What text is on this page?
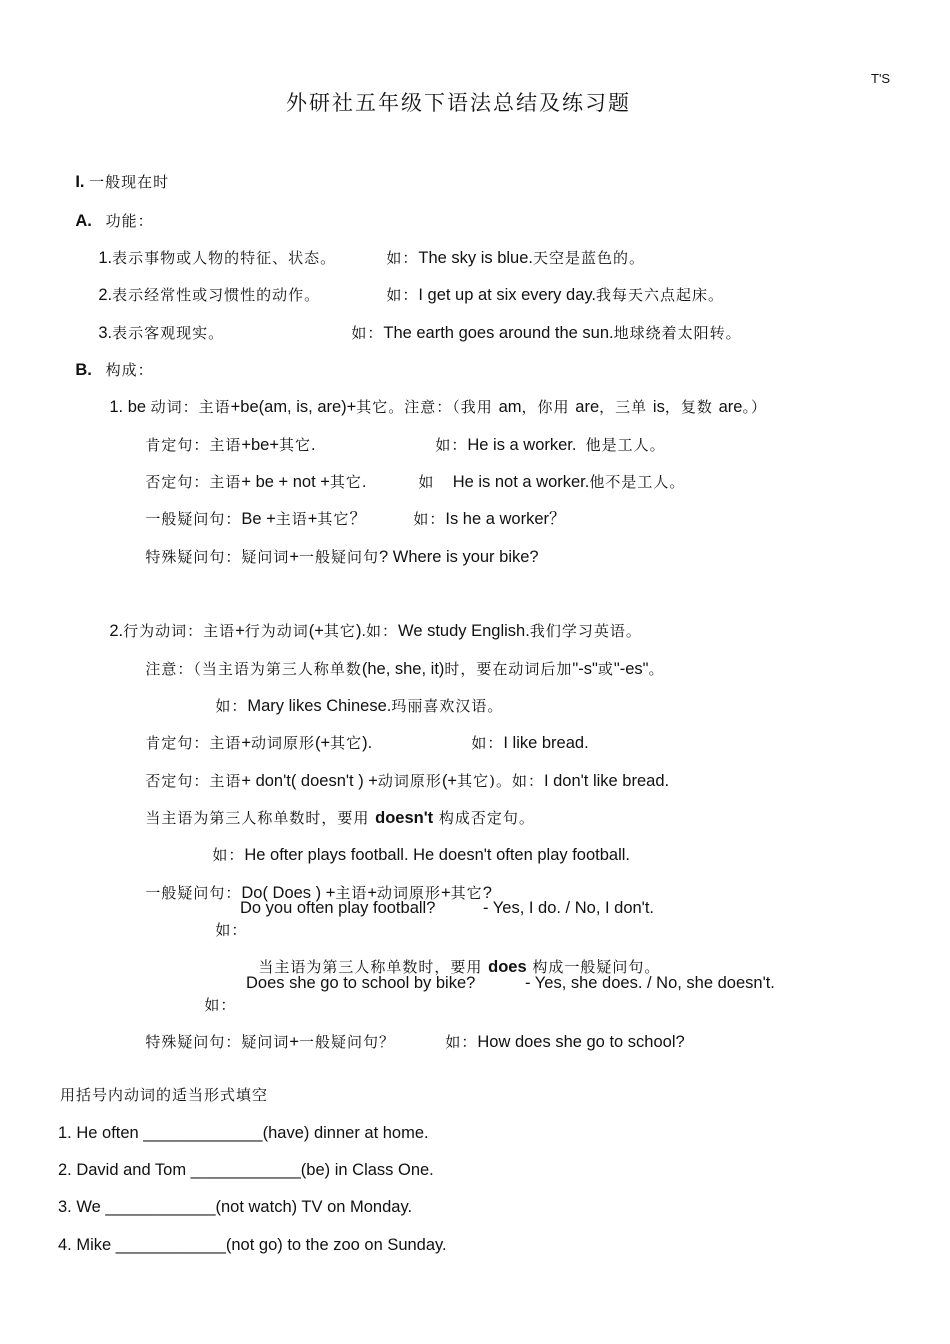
T'S
外研社五年级下语法总结及练习题

I. 一般现在时

A. 功能：

1.表示事物或人物的特征、状态。
	如：The sky is blue.天空是蓝色的。

2.表示经常性或习惯性的动作。
	如：I get up at six every day.我每天六点起床。

3.表示客观现实。
	如：The earth goes around the sun.地球绕着太阳转。

B. 构成：

1. be 动词：主语+be(am, is, are)+其它。注意：（我用 am，你用 are，三单 is，复数 are。）

肯定句：主语+be+其它.
	如：He is a worker. 他是工人。

否定句：主语+ be + not +其它.
	如 He is not a worker.他不是工人。

一般疑问句：Be +主语+其它？
	如：Is he a worker？

特殊疑问句：疑问词+一般疑问句? Where is your bike?

2.行为动词：主语+行为动词(+其它).如：We study English.我们学习英语。

注意：（当主语为第三人称单数(he, she, it)时，要在动词后加"-s"或"-es"。

如：Mary likes Chinese.玛丽喜欢汉语。

肯定句：主语+动词原形(+其它).
	如：I like bread.

否定句：主语+ don't( doesn't ) +动词原形(+其它)。如：I don't like bread.

当主语为第三人称单数时，要用 doesn't 构成否定句。

如：He ofter plays football. He doesn't often play football.

一般疑问句：Do( Does ) +主语+动词原形+其它?

如：

Do you often play football?	- Yes, I do. / No, I don't.

当主语为第三人称单数时，要用 does 构成一般疑问句。

如：

Does she go to school by bike?	- Yes, she does. / No, she doesn't.

特殊疑问句：疑问词+一般疑问句？
	如：How does she go to school?

用括号内动词的适当形式填空
1. He often _____________(have) dinner at home.
2. David and Tom ____________(be) in Class One.
3. We ____________(not watch) TV on Monday.
4. Mike ____________(not go) to the zoo on Sunday.
